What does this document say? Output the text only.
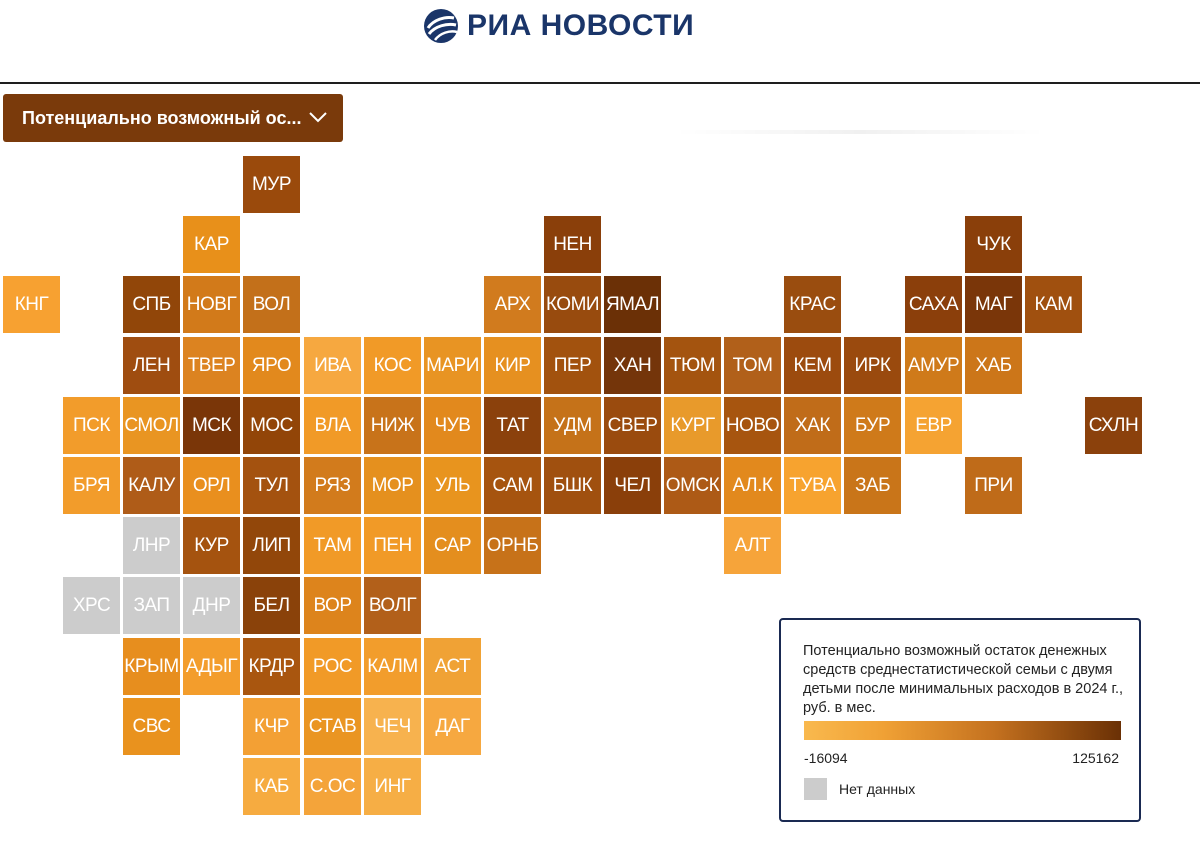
РИА НОВОСТИ
Потенциально возможный ос...
МУР
КАР	НЕН	ЧУК
КНГ	СПБ НОВГ ВОЛ	АРХ КОМИ ЯМАЛ	КРАС	САХА МАГ	КАМ
ЛЕН ТВЕР ЯРО	ИВА	КОС МАРИ КИР	ПЕР	ХАН ТЮМ ТОМ	КЕМ	ИРК АМУР ХАБ
ПСК СМОЛ МСК	МОС	ВЛА	НИЖ	ЧУВ	ТАТ	УДМ СВЕР КУРГ НОВО ХАК	БУР	ЕВР	СХЛН
БРЯ КАЛУ ОРЛ	ТУЛ	РЯЗ	МОР	УЛЬ	САМ	БШК	ЧЕЛ ОМСК АЛ.К ТУВА	ЗАБ	ПРИ
ЛНР	КУР	ЛИП	ТАМ	ПЕН	САР ОРНБ	АЛТ
ХРС	ЗАП	ДНР	БЕЛ	ВОР ВОЛГ
КРЫМ АДЫГ КРДР РОС КАЛМ АСТ
СВС	КЧР	СТАВ ЧЕЧ	ДАГ
КАБ	С.ОС	ИНГ
Потенциально возможный остаток денежных средств среднестатистической семьи с двумя детьми после минимальных расходов в 2024 г., руб. в мес.
-16094	125162
Нет данных
